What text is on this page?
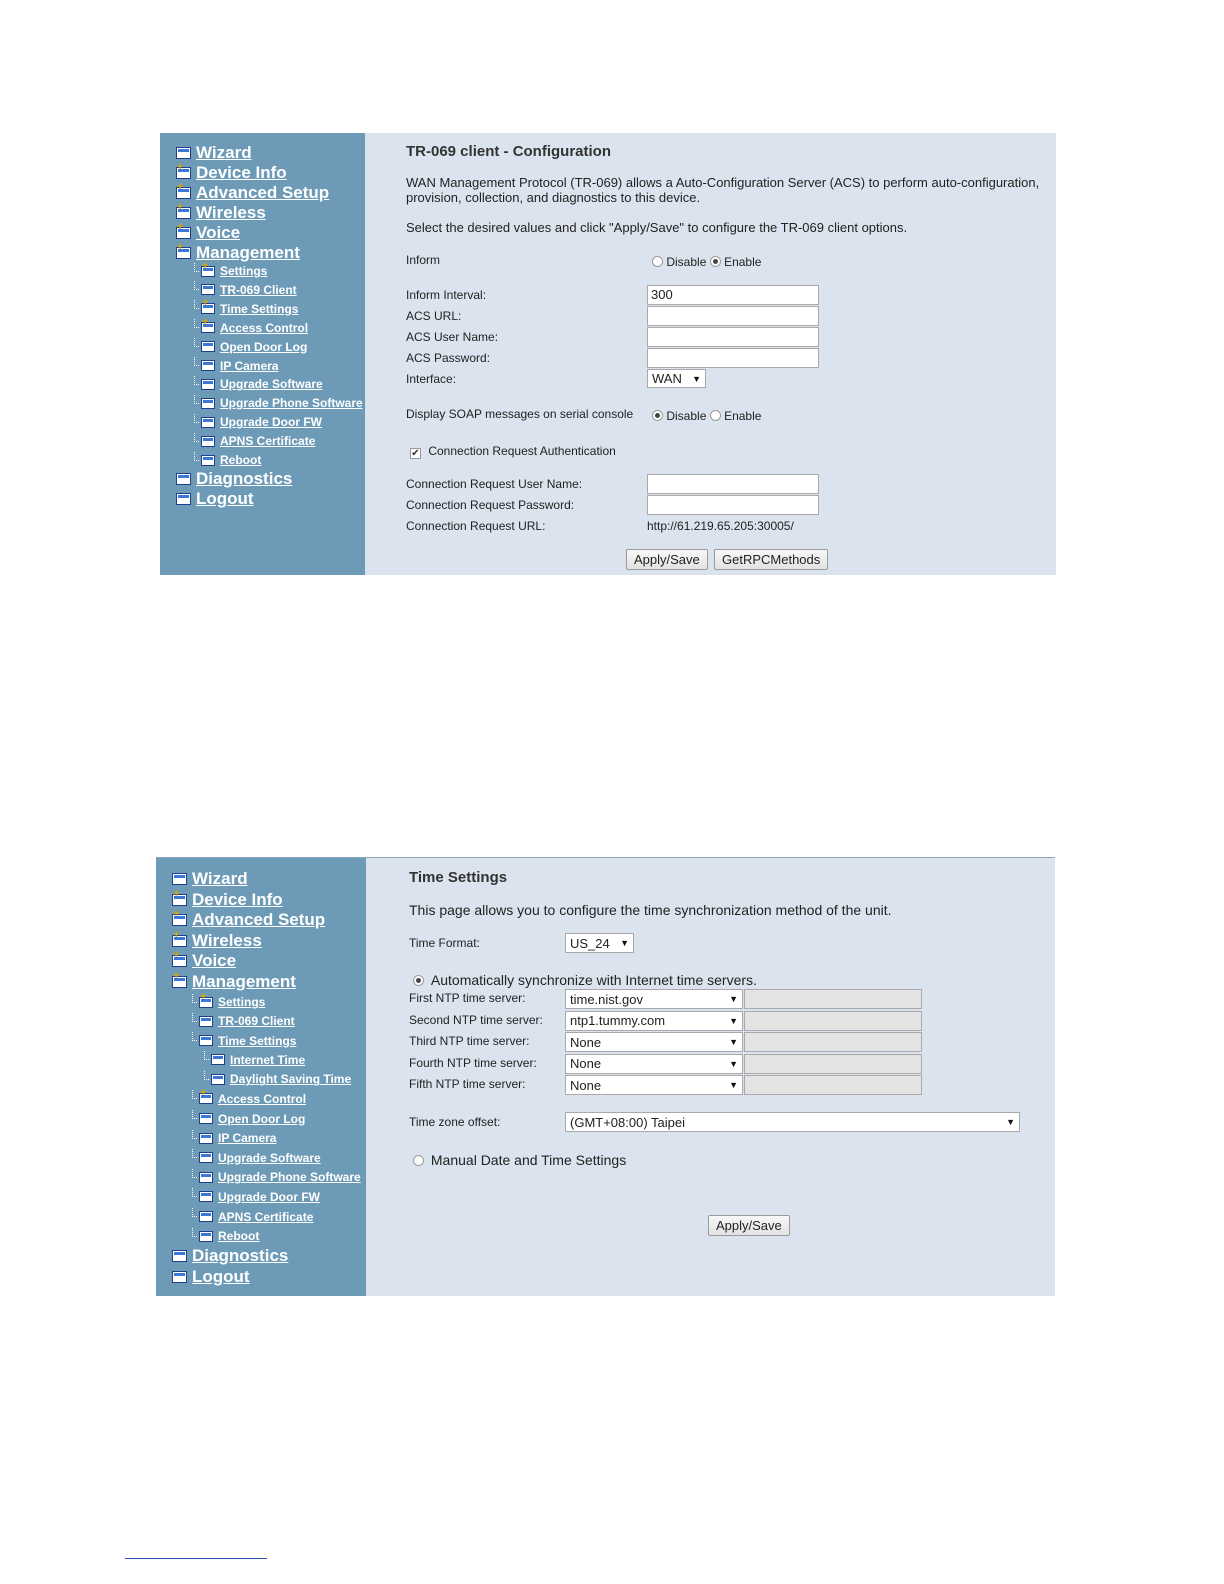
Wizard
+
Device Info
+
Advanced Setup
+
Wireless
+
Voice
+
Management
+
Settings
TR-069 Client
+
Time Settings
+
Access Control
Open Door Log
IP Camera
Upgrade Software
Upgrade Phone Software
Upgrade Door FW
APNS Certificate
Reboot
Diagnostics
Logout
TR-069 client - Configuration
WAN Management Protocol (TR-069) allows a Auto-Configuration Server (ACS) to perform auto-configuration, provision, collection, and diagnostics to this device.
Select the desired values and click "Apply/Save" to configure the TR-069 client options.
Inform	Disable Enable
Inform Interval:	300
ACS URL:
ACS User Name:
ACS Password:
Interface:	WAN ▼
Display SOAP messages on serial console	Disable Enable
✔ Connection Request Authentication
Connection Request User Name:
Connection Request Password:
Connection Request URL:	http://61.219.65.205:30005/
Apply/Save	GetRPCMethods
Wizard
+
Device Info
+
Advanced Setup
+
Wireless
+
Voice
+
Management
+
Settings
TR-069 Client
Time Settings
Internet Time
Daylight Saving Time
+
Access Control
Open Door Log
IP Camera
Upgrade Software
Upgrade Phone Software
Upgrade Door FW
APNS Certificate
Reboot
Diagnostics
Logout
Time Settings
This page allows you to configure the time synchronization method of the unit.
Time Format:	US_24 ▼
Automatically synchronize with Internet time servers.
First NTP time server:	time.nist.gov	▼
Second NTP time server: ntp1.tummy.com	▼
Third NTP time server:	None	▼
Fourth NTP time server:	None	▼
Fifth NTP time server:	None	▼
Time zone offset:	(GMT+08:00) Taipei	▼
Manual Date and Time Settings
Apply/Save
